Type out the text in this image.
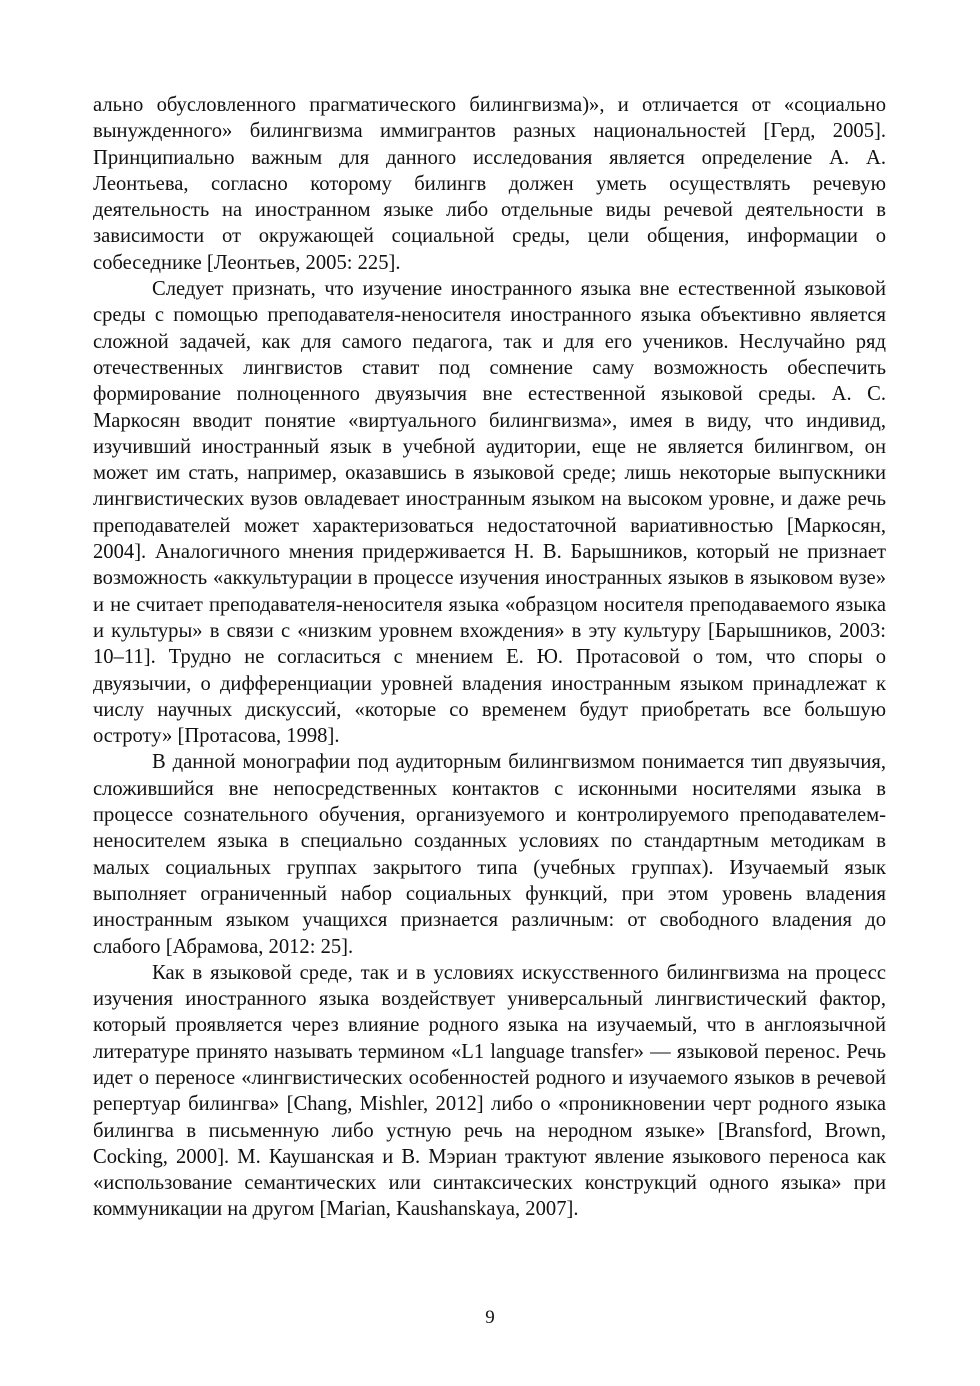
ально обусловленного прагматического билингвизма)», и отличается от «социально вынужденного» билингвизма иммигрантов разных национальностей [Герд, 2005]. Принципиально важным для данного исследования является определение А. А. Леонтьева, согласно которому билингв должен уметь осуществлять речевую деятельность на иностранном языке либо отдельные виды речевой деятельности в зависимости от окружающей социальной среды, цели общения, информации о собеседнике [Леонтьев, 2005: 225].

Следует признать, что изучение иностранного языка вне естественной языковой среды с помощью преподавателя-неносителя иностранного языка объективно является сложной задачей, как для самого педагога, так и для его учеников. Неслучайно ряд отечественных лингвистов ставит под сомнение саму возможность обеспечить формирование полноценного двуязычия вне естественной языковой среды. А. С. Маркосян вводит понятие «виртуального билингвизма», имея в виду, что индивид, изучивший иностранный язык в учебной аудитории, еще не является билингвом, он может им стать, например, оказавшись в языковой среде; лишь некоторые выпускники лингвистических вузов овладевает иностранным языком на высоком уровне, и даже речь преподавателей может характеризоваться недостаточной вариативностью [Маркосян, 2004]. Аналогичного мнения придерживается Н. В. Барышников, который не признает возможность «аккультурации в процессе изучения иностранных языков в языковом вузе» и не считает преподавателя-неносителя языка «образцом носителя преподаваемого языка и культуры» в связи с «низким уровнем вхождения» в эту культуру [Барышников, 2003: 10–11]. Трудно не согласиться с мнением Е. Ю. Протасовой о том, что споры о двуязычии, о дифференциации уровней владения иностранным языком принадлежат к числу научных дискуссий, «которые со временем будут приобретать все большую остроту» [Протасова, 1998].

В данной монографии под аудиторным билингвизмом понимается тип двуязычия, сложившийся вне непосредственных контактов с исконными носителями языка в процессе сознательного обучения, организуемого и контролируемого преподавателем-неносителем языка в специально созданных условиях по стандартным методикам в малых социальных группах закрытого типа (учебных группах). Изучаемый язык выполняет ограниченный набор социальных функций, при этом уровень владения иностранным языком учащихся признается различным: от свободного владения до слабого [Абрамова, 2012: 25].

Как в языковой среде, так и в условиях искусственного билингвизма на процесс изучения иностранного языка воздействует универсальный лингвистический фактор, который проявляется через влияние родного языка на изучаемый, что в англоязычной литературе принято называть термином «L1 language transfer» — языковой перенос. Речь идет о переносе «лингвистических особенностей родного и изучаемого языков в речевой репертуар билингва» [Chang, Mishler, 2012] либо о «проникновении черт родного языка билингва в письменную либо устную речь на неродном языке» [Bransford, Brown, Cocking, 2000]. М. Каушанская и В. Мэриан трактуют явление языкового переноса как «использование семантических или синтаксических конструкций одного языка» при коммуникации на другом [Marian, Kaushanskaya, 2007].

9
